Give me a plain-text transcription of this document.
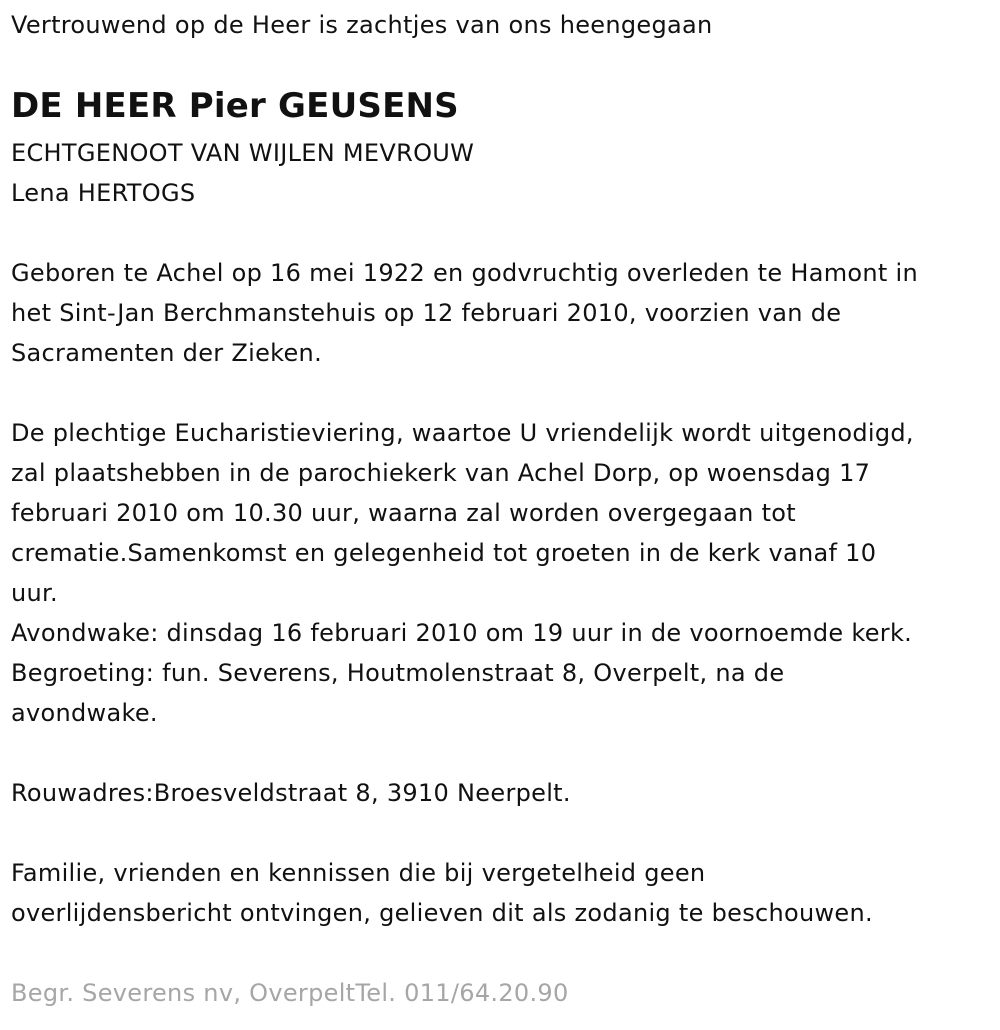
Vertrouwend op de Heer is zachtjes van ons heengegaan

DE HEER Pier GEUSENS

ECHTGENOOT VAN WIJLEN MEVROUW

Lena HERTOGS

Geboren te Achel op 16 mei 1922 en godvruchtig overleden te Hamont in

het Sint-Jan Berchmanstehuis op 12 februari 2010, voorzien van de

Sacramenten der Zieken.

De plechtige Eucharistieviering, waartoe U vriendelijk wordt uitgenodigd,

zal plaatshebben in de parochiekerk van Achel Dorp, op woensdag 17

februari 2010 om 10.30 uur, waarna zal worden overgegaan tot

crematie.Samenkomst en gelegenheid tot groeten in de kerk vanaf 10

uur.

Avondwake: dinsdag 16 februari 2010 om 19 uur in de voornoemde kerk.

Begroeting: fun. Severens, Houtmolenstraat 8, Overpelt, na de

avondwake.

Rouwadres:Broesveldstraat 8, 3910 Neerpelt.

Familie, vrienden en kennissen die bij vergetelheid geen

overlijdensbericht ontvingen, gelieven dit als zodanig te beschouwen.

Begr. Severens nv, OverpeltTel. 011/64.20.90
